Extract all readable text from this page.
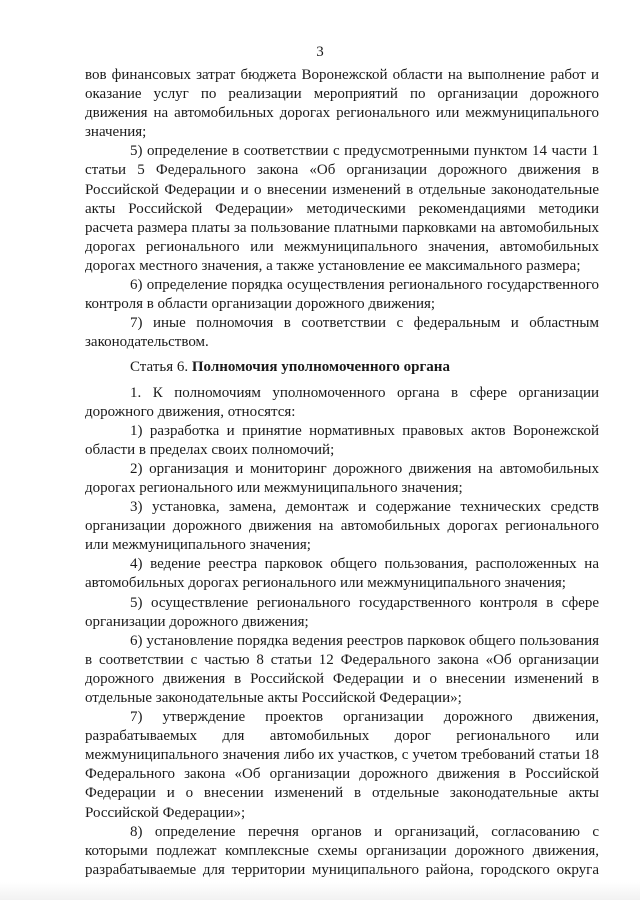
3

вов финансовых затрат бюджета Воронежской области на выполнение работ и оказание услуг по реализации мероприятий по организации дорожного движения на автомобильных дорогах регионального или межмуниципального значения;

5) определение в соответствии с предусмотренными пунктом 14 части 1 статьи 5 Федерального закона «Об организации дорожного движения в Российской Федерации и о внесении изменений в отдельные законодательные акты Российской Федерации» методическими рекомендациями методики расчета размера платы за пользование платными парковками на автомобильных дорогах регионального или межмуниципального значения, автомобильных дорогах местного значения, а также установление ее максимального размера;

6) определение порядка осуществления регионального государственного контроля в области организации дорожного движения;

7) иные полномочия в соответствии с федеральным и областным законодательством.

Статья 6. Полномочия уполномоченного органа

1. К полномочиям уполномоченного органа в сфере организации дорожного движения, относятся:

1) разработка и принятие нормативных правовых актов Воронежской области в пределах своих полномочий;

2) организация и мониторинг дорожного движения на автомобильных дорогах регионального или межмуниципального значения;

3) установка, замена, демонтаж и содержание технических средств организации дорожного движения на автомобильных дорогах регионального или межмуниципального значения;

4) ведение реестра парковок общего пользования, расположенных на автомобильных дорогах регионального или межмуниципального значения;

5) осуществление регионального государственного контроля в сфере организации дорожного движения;

6) установление порядка ведения реестров парковок общего пользования в соответствии с частью 8 статьи 12 Федерального закона «Об организации дорожного движения в Российской Федерации и о внесении изменений в отдельные законодательные акты Российской Федерации»;

7) утверждение проектов организации дорожного движения, разрабатываемых для автомобильных дорог регионального или межмуниципального значения либо их участков, с учетом требований статьи 18 Федерального закона «Об организации дорожного движения в Российской Федерации и о внесении изменений в отдельные законодательные акты Российской Федерации»;

8) определение перечня органов и организаций, согласованию с которыми подлежат комплексные схемы организации дорожного движения, разрабатываемые для территории муниципального района, городского округа
